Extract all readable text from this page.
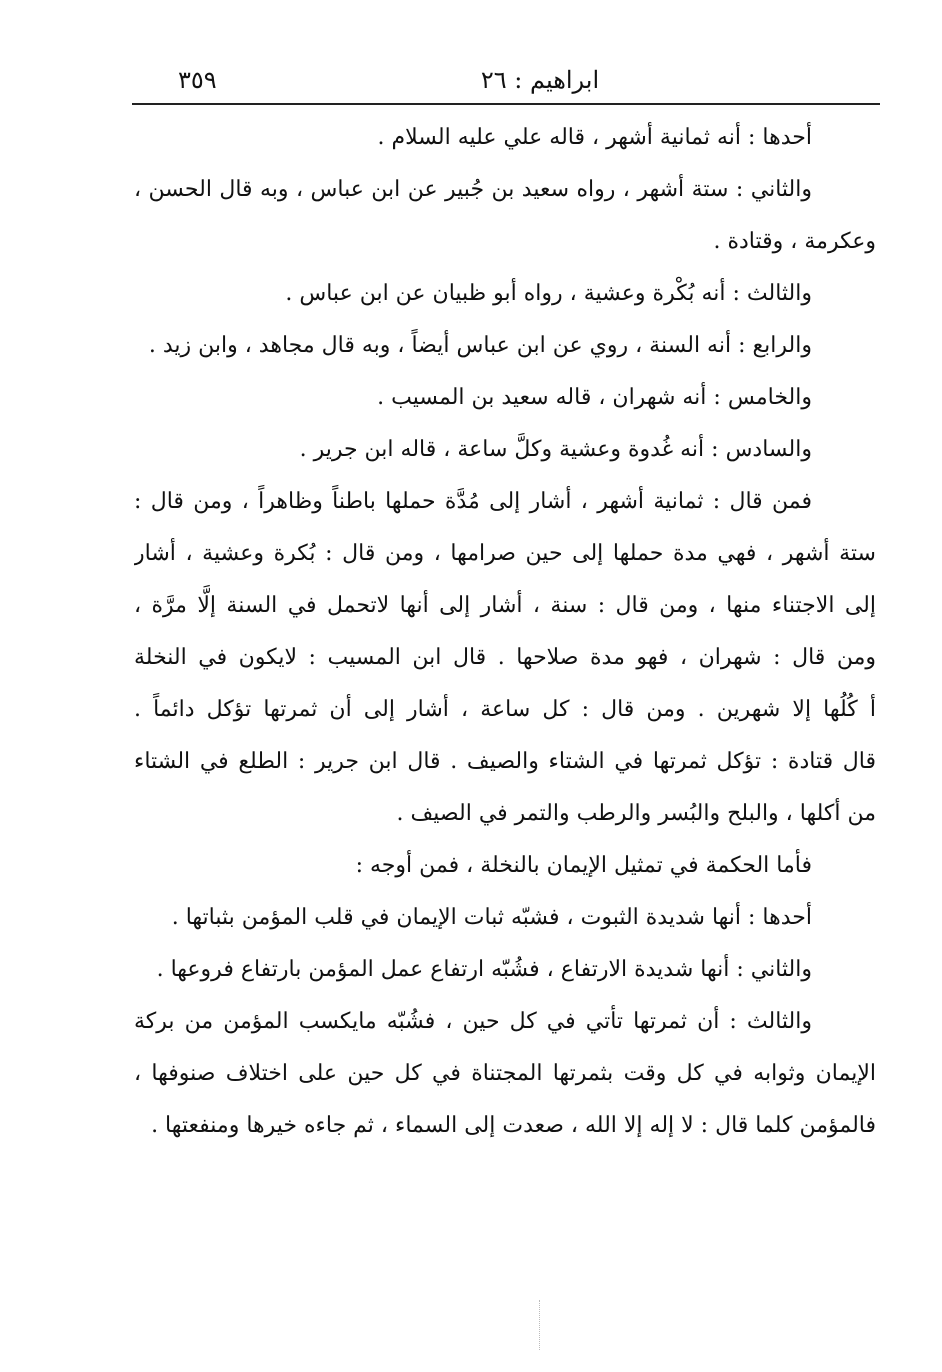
٣٥٩	ابراهيم : ٢٦

أحدها : أنه ثمانية أشهر ، قاله علي عليه السلام .

والثاني : ستة أشهر ، رواه سعيد بن جُبير عن ابن عباس ، وبه قال الحسن ،

وعكرمة ، وقتادة .

والثالث : أنه بُكْرة وعشية ، رواه أبو ظبيان عن ابن عباس .

والرابع : أنه السنة ، روي عن ابن عباس أيضاً ، وبه قال مجاهد ، وابن زيد .

والخامس : أنه شهران ، قاله سعيد بن المسيب .

والسادس : أنه غُدوة وعشية وكلَّ ساعة ، قاله ابن جرير .

فمن قال : ثمانية أشهر ، أشار إلى مُدَّة حملها باطناً وظاهراً ، ومن قال :

ستة أشهر ، فهي مدة حملها إلى حين صرامها ، ومن قال : بُكرة وعشية ، أشار

إلى الاجتناء منها ، ومن قال : سنة ، أشار إلى أنها لاتحمل في السنة إلَّا مرَّة ،

ومن قال : شهران ، فهو مدة صلاحها . قال ابن المسيب : لايكون في النخلة

أ كُلُها إلا شهرين . ومن قال : كل ساعة ، أشار إلى أن ثمرتها تؤكل دائماً .

قال قتادة : تؤكل ثمرتها في الشتاء والصيف . قال ابن جرير : الطلع في الشتاء

من أكلها ، والبلح والبُسر والرطب والتمر في الصيف .

فأما الحكمة في تمثيل الإيمان بالنخلة ، فمن أوجه :

أحدها : أنها شديدة الثبوت ، فشبّه ثبات الإيمان في قلب المؤمن بثباتها .

والثاني : أنها شديدة الارتفاع ، فشُبّه ارتفاع عمل المؤمن بارتفاع فروعها .

والثالث : أن ثمرتها تأتي في كل حين ، فشُبّه مايكسب المؤمن من بركة

الإيمان وثوابه في كل وقت بثمرتها المجتناة في كل حين على اختلاف صنوفها ،

فالمؤمن كلما قال : لا إله إلا الله ، صعدت إلى السماء ، ثم جاءه خيرها ومنفعتها .
